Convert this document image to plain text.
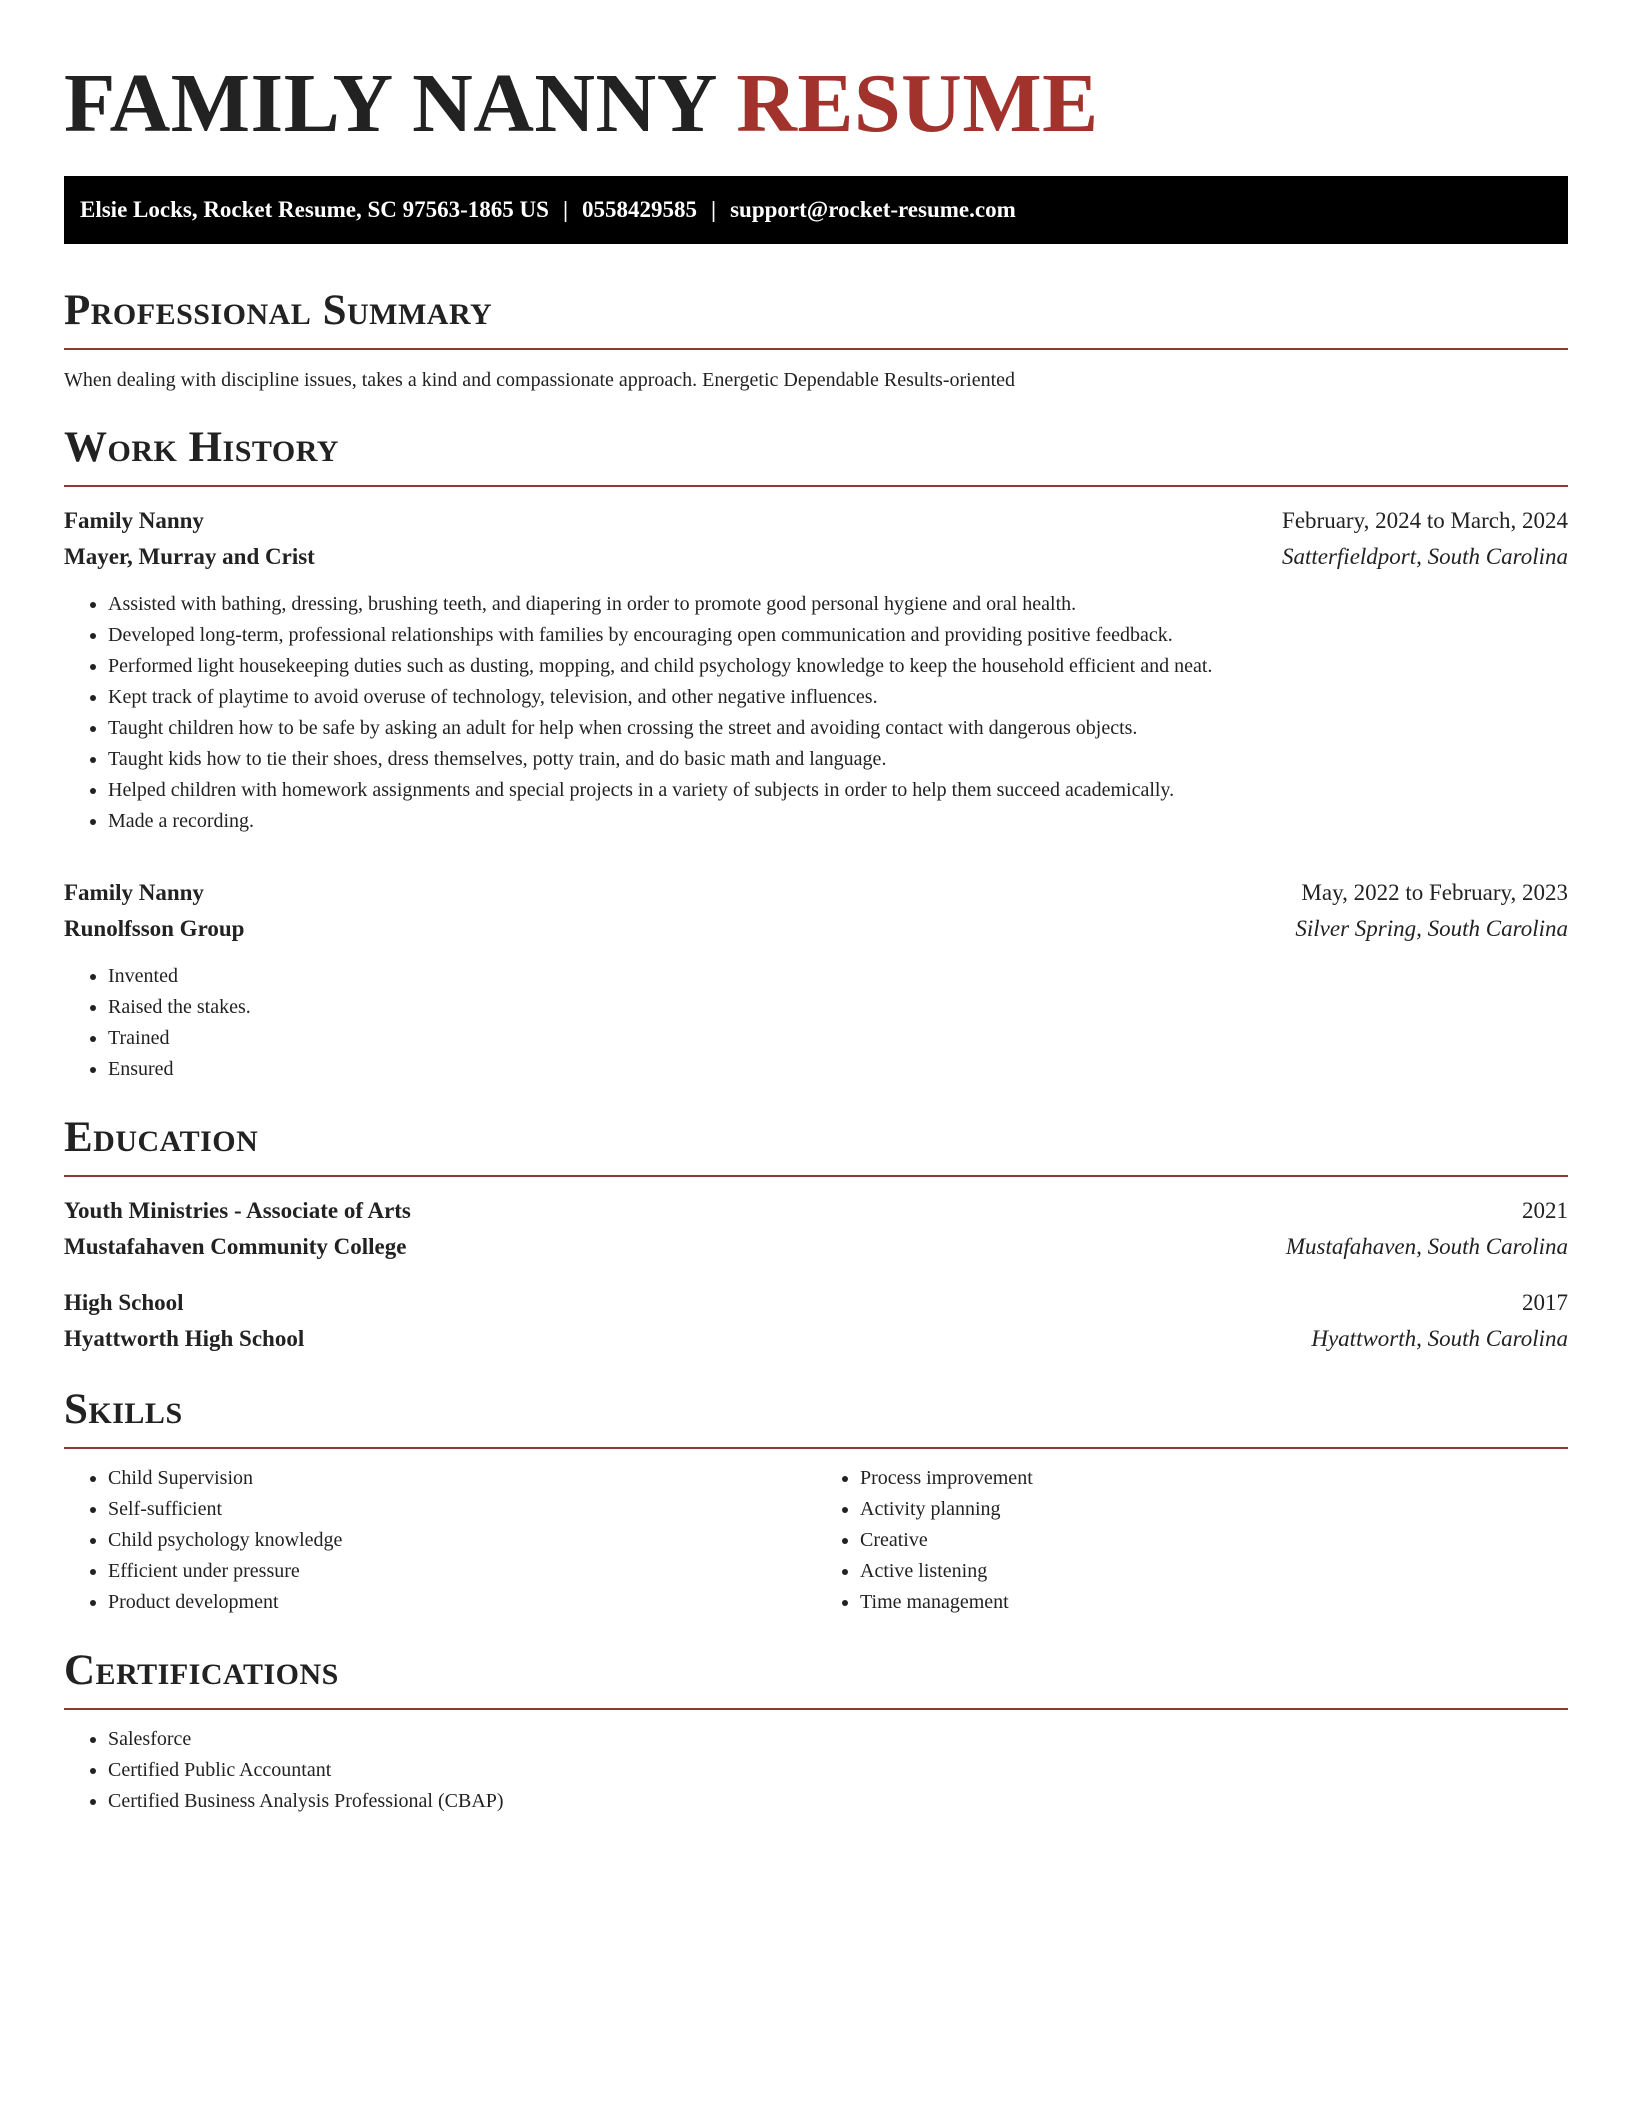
FAMILY NANNY RESUME
Elsie Locks, Rocket Resume, SC 97563-1865 US | 0558429585 | support@rocket-resume.com
Professional Summary

When dealing with discipline issues, takes a kind and compassionate approach. Energetic Dependable Results-oriented

Work History
Family Nanny	February, 2024 to March, 2024
Mayer, Murray and Crist	Satterfieldport, South Carolina
• Assisted with bathing, dressing, brushing teeth, and diapering in order to promote good personal hygiene and oral health.
• Developed long-term, professional relationships with families by encouraging open communication and providing positive feedback.
• Performed light housekeeping duties such as dusting, mopping, and child psychology knowledge to keep the household efficient and neat.
• Kept track of playtime to avoid overuse of technology, television, and other negative influences.
• Taught children how to be safe by asking an adult for help when crossing the street and avoiding contact with dangerous objects.
• Taught kids how to tie their shoes, dress themselves, potty train, and do basic math and language.
• Helped children with homework assignments and special projects in a variety of subjects in order to help them succeed academically.
• Made a recording.
Family Nanny	May, 2022 to February, 2023
Runolfsson Group	Silver Spring, South Carolina
• Invented
• Raised the stakes.
• Trained
• Ensured
Education
Youth Ministries - Associate of Arts	2021
Mustafahaven Community College	Mustafahaven, South Carolina
High School	2017
Hyattworth High School	Hyattworth, South Carolina
Skills
• Child Supervision
• Self-sufficient
• Child psychology knowledge
• Efficient under pressure
• Product development
• Process improvement
• Activity planning
• Creative
• Active listening
• Time management
Certifications
• Salesforce
• Certified Public Accountant
• Certified Business Analysis Professional (CBAP)
